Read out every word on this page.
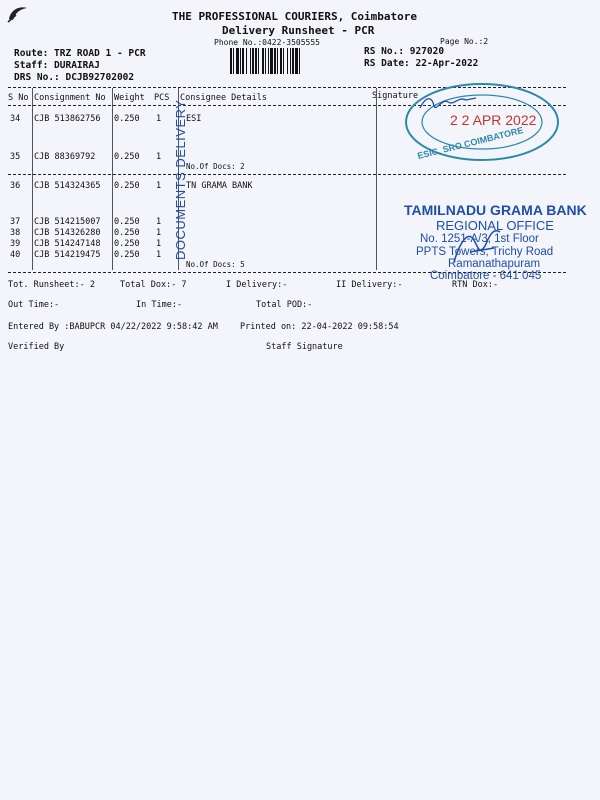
THE PROFESSIONAL COURIERS, Coimbatore
Delivery Runsheet - PCR
Phone No.:0422-3505555	Page No.:2
Route: TRZ ROAD 1 - PCR
Staff: DURAIRAJ
DRS No.: DCJB92702002
RS No.: 927020
RS Date: 22-Apr-2022
S No Consignment No Weight PCS Consignee Details	Signature
34 CJB 513862756 0.250 1	ESI
35 CJB 88369792 0.250 1
No.Of Docs: 2
36 CJB 514324365 0.250 1	TN GRAMA BANK
37 CJB 514215007 0.250 1
38 CJB 514326280 0.250 1
39 CJB 514247148 0.250 1
40 CJB 514219475 0.250 1
No.Of Docs: 5
DOCUMENTS DELIVERY
Tot. Runsheet:- 2	Total Dox:- 7	I Delivery:-	II Delivery:-	RTN Dox:-
Out Time:-	In Time:-	Total POD:-
Entered By :BABUPCR 04/22/2022 9:58:42 AM	Printed on: 22-04-2022 09:58:54
Verified By	Staff Signature
ESIC, SRO COIMBATORE
2 2 APR 2022
TAMILNADU GRAMA BANK
REGIONAL OFFICE
No. 1251-A/3, 1st Floor
PPTS Towers, Trichy Road
Ramanathapuram
Coimbatore - 641 045
